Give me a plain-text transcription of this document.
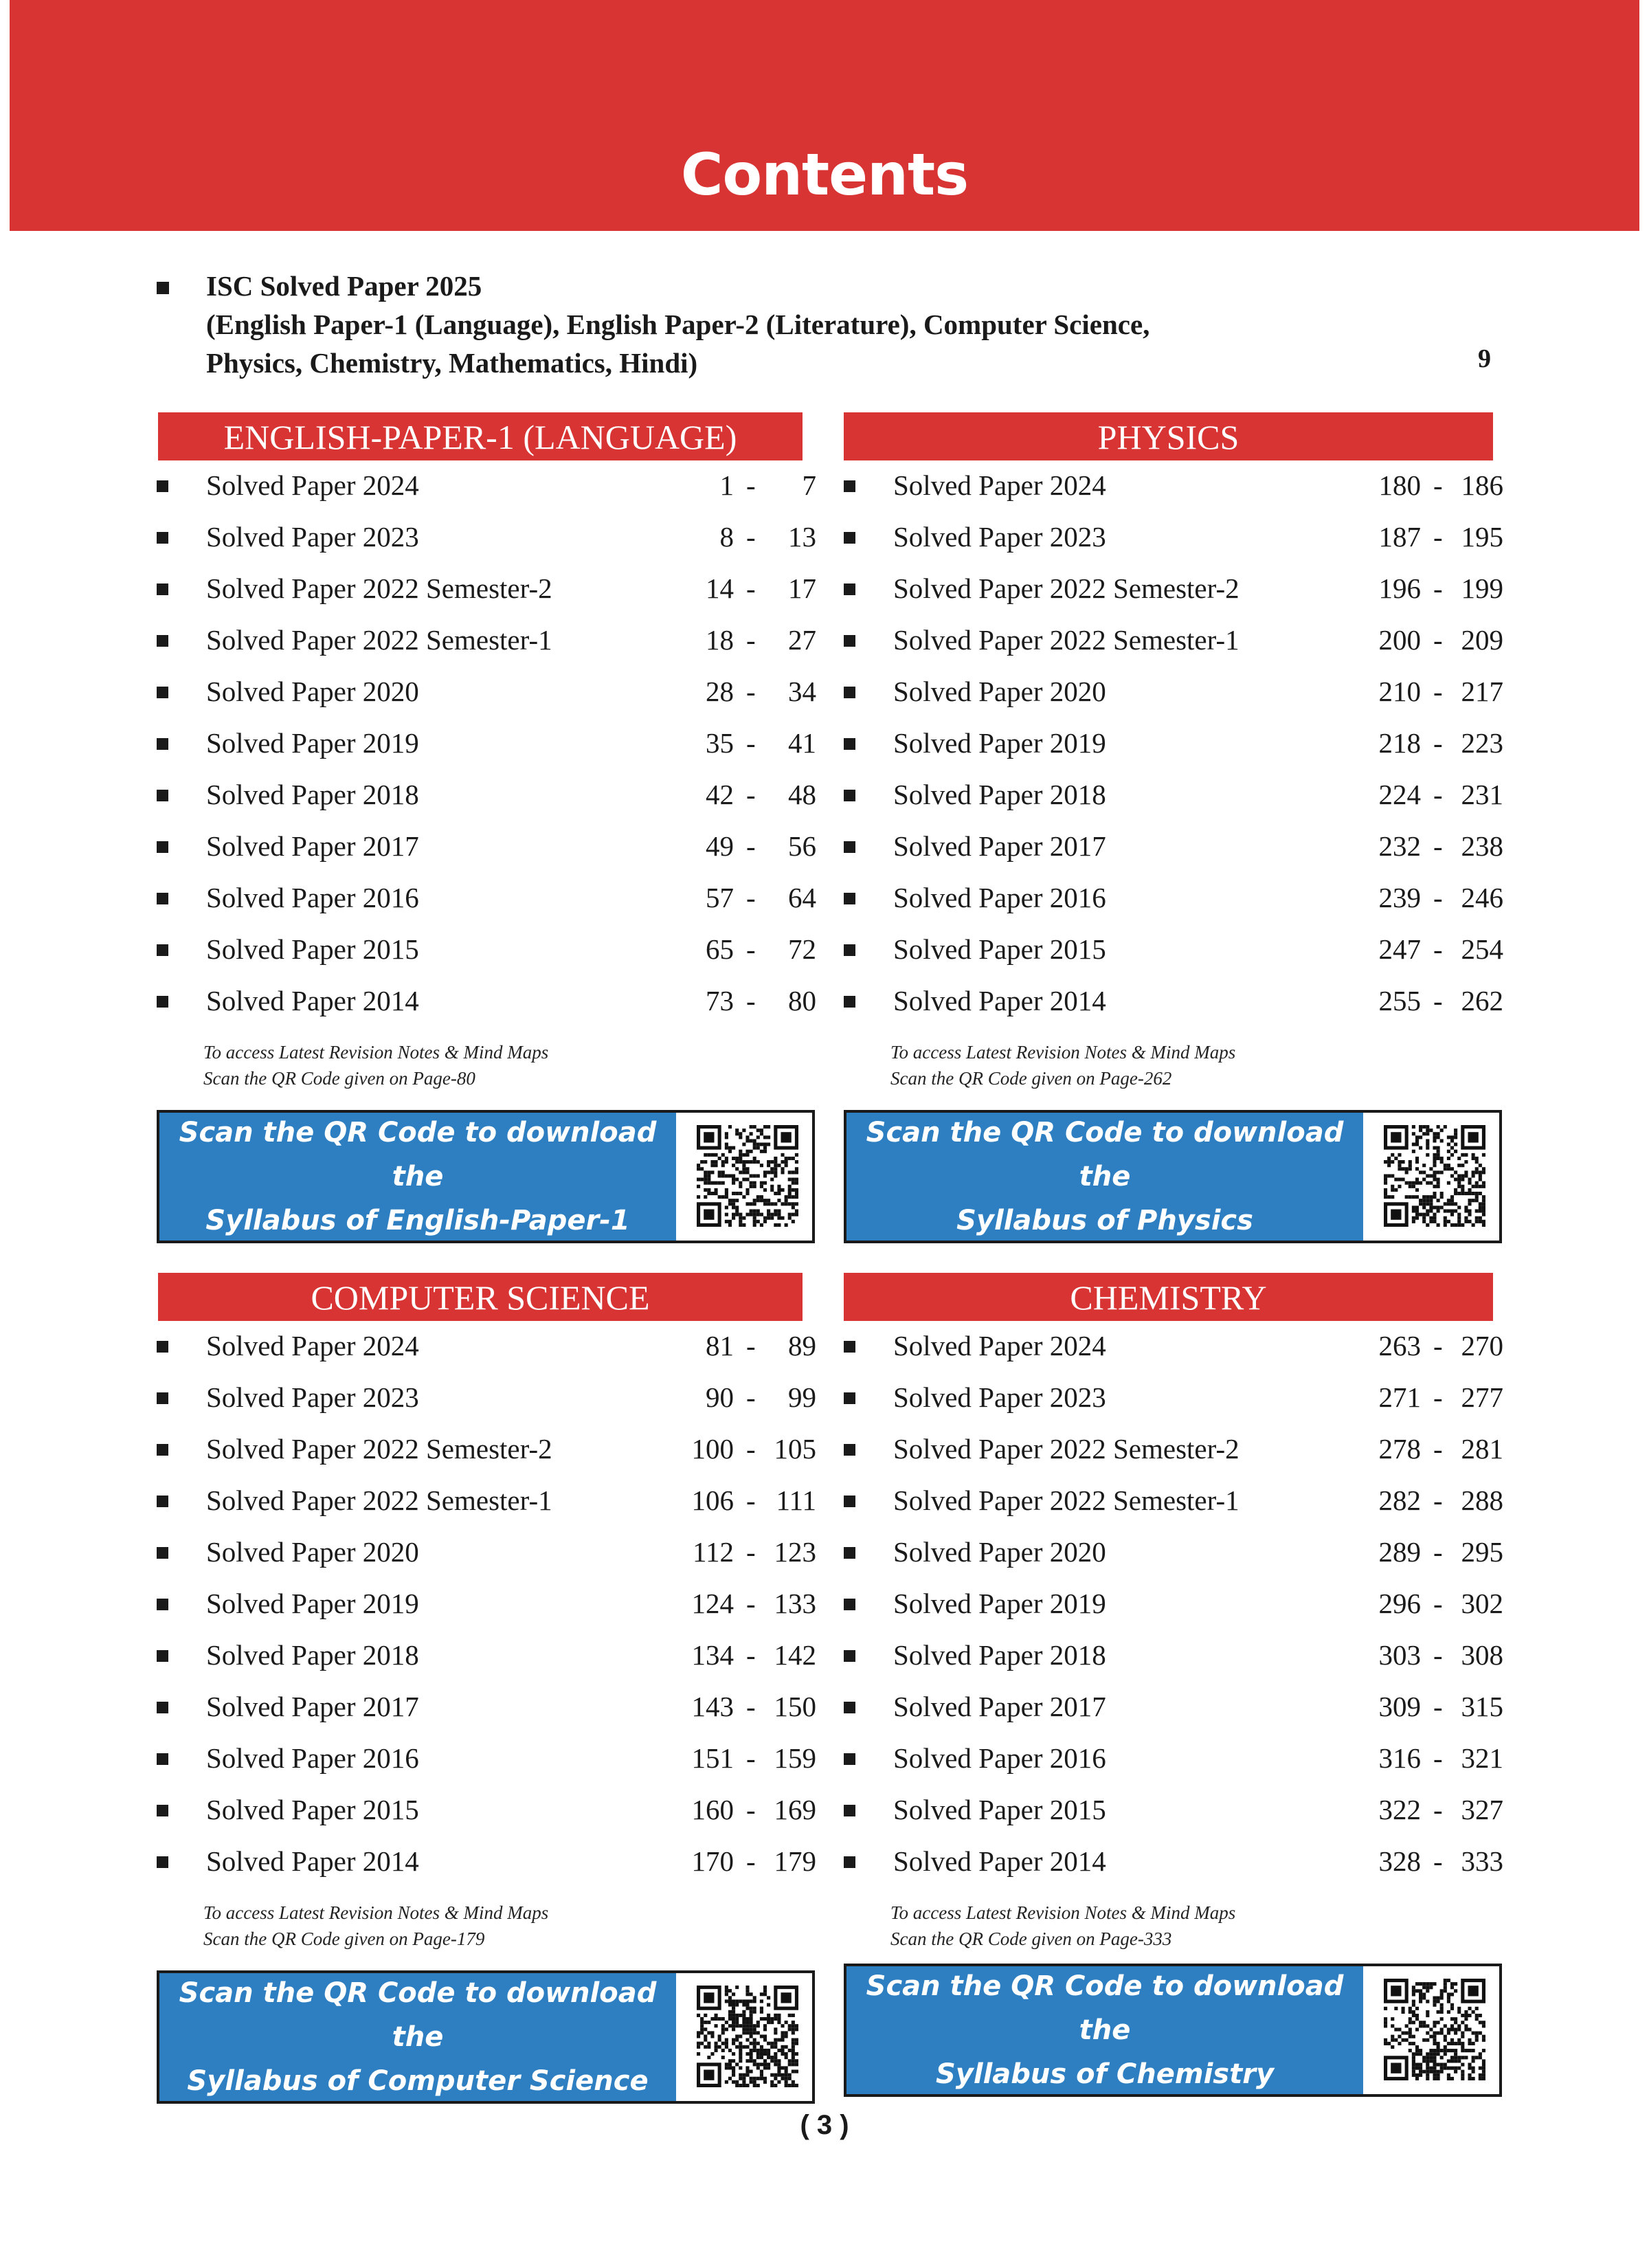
Contents
ISC Solved Paper 2025
(English Paper-1 (Language), English Paper-2 (Literature), Computer Science,
Physics, Chemistry, Mathematics, Hindi)	9
ENGLISH-PAPER-1 (LANGUAGE)
Solved Paper 2024	1 -	7
Solved Paper 2023	8 -	13
Solved Paper 2022 Semester-2	14 -	17
Solved Paper 2022 Semester-1	18 -	27
Solved Paper 2020	28 -	34
Solved Paper 2019	35 -	41
Solved Paper 2018	42 -	48
Solved Paper 2017	49 -	56
Solved Paper 2016	57 -	64
Solved Paper 2015	65 -	72
Solved Paper 2014	73 -	80
To access Latest Revision Notes & Mind Maps
Scan the QR Code given on Page-80
Scan the QR Code to download the
Syllabus of English-Paper-1
PHYSICS
Solved Paper 2024	180 - 186
Solved Paper 2023	187 - 195
Solved Paper 2022 Semester-2	196 - 199
Solved Paper 2022 Semester-1	200 - 209
Solved Paper 2020	210 - 217
Solved Paper 2019	218 - 223
Solved Paper 2018	224 - 231
Solved Paper 2017	232 - 238
Solved Paper 2016	239 - 246
Solved Paper 2015	247 - 254
Solved Paper 2014	255 - 262
To access Latest Revision Notes & Mind Maps
Scan the QR Code given on Page-262
Scan the QR Code to download the
Syllabus of Physics
COMPUTER SCIENCE
Solved Paper 2024	81 -	89
Solved Paper 2023	90 -	99
Solved Paper 2022 Semester-2	100 - 105
Solved Paper 2022 Semester-1	106 - 111
Solved Paper 2020	112 - 123
Solved Paper 2019	124 - 133
Solved Paper 2018	134 - 142
Solved Paper 2017	143 - 150
Solved Paper 2016	151 - 159
Solved Paper 2015	160 - 169
Solved Paper 2014	170 - 179
To access Latest Revision Notes & Mind Maps
Scan the QR Code given on Page-179
Scan the QR Code to download the
Syllabus of Computer Science
CHEMISTRY
Solved Paper 2024	263 - 270
Solved Paper 2023	271 - 277
Solved Paper 2022 Semester-2	278 - 281
Solved Paper 2022 Semester-1	282 - 288
Solved Paper 2020	289 - 295
Solved Paper 2019	296 - 302
Solved Paper 2018	303 - 308
Solved Paper 2017	309 - 315
Solved Paper 2016	316 - 321
Solved Paper 2015	322 - 327
Solved Paper 2014	328 - 333
To access Latest Revision Notes & Mind Maps
Scan the QR Code given on Page-333
Scan the QR Code to download the
Syllabus of Chemistry
( 3 )
